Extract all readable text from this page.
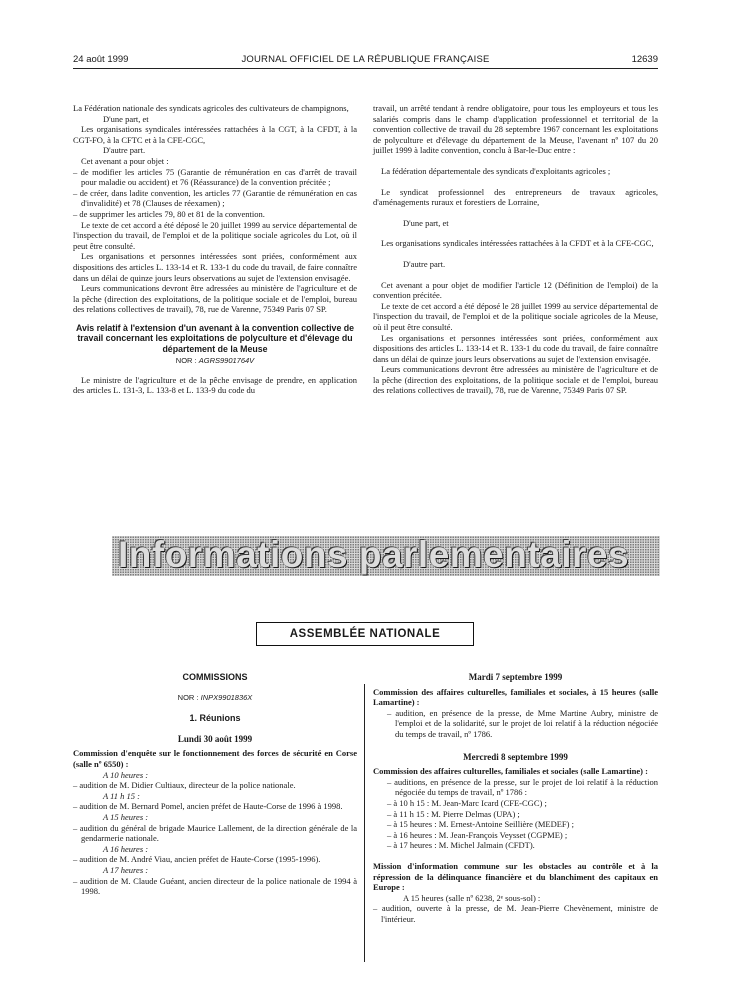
24 août 1999	JOURNAL OFFICIEL DE LA RÉPUBLIQUE FRANÇAISE	12639

La Fédération nationale des syndicats agricoles des cultivateurs de champignons,

D'une part, et

Les organisations syndicales intéressées rattachées à la CGT, à la CFDT, à la CGT-FO, à la CFTC et à la CFE-CGC,

D'autre part.

Cet avenant a pour objet :

– de modifier les articles 75 (Garantie de rémunération en cas d'arrêt de travail pour maladie ou accident) et 76 (Réassurance) de la convention précitée ;

– de créer, dans ladite convention, les articles 77 (Garantie de rémunération en cas d'invalidité) et 78 (Clauses de réexamen) ;

– de supprimer les articles 79, 80 et 81 de la convention.

Le texte de cet accord a été déposé le 20 juillet 1999 au service départemental de l'inspection du travail, de l'emploi et de la politique sociale agricoles du Lot, où il peut être consulté.

Les organisations et personnes intéressées sont priées, conformément aux dispositions des articles L. 133-14 et R. 133-1 du code du travail, de faire connaître dans un délai de quinze jours leurs observations au sujet de l'extension envisagée.

Leurs communications devront être adressées au ministère de l'agriculture et de la pêche (direction des exploitations, de la politique sociale et de l'emploi, bureau des relations collectives de travail), 78, rue de Varenne, 75349 Paris 07 SP.

Avis relatif à l'extension d'un avenant à la convention collective de travail concernant les exploitations de polyculture et d'élevage du département de la Meuse
NOR : AGRS9901764V

Le ministre de l'agriculture et de la pêche envisage de prendre, en application des articles L. 131-3, L. 133-8 et L. 133-9 du code du

travail, un arrêté tendant à rendre obligatoire, pour tous les employeurs et tous les salariés compris dans le champ d'application professionnel et territorial de la convention collective de travail du 28 septembre 1967 concernant les exploitations de polyculture et d'élevage du département de la Meuse, l'avenant nº 107 du 20 juillet 1999 à ladite convention, conclu à Bar-le-Duc entre :

La fédération départementale des syndicats d'exploitants agricoles ;

Le syndicat professionnel des entrepreneurs de travaux agricoles, d'aménagements ruraux et forestiers de Lorraine,

D'une part, et

Les organisations syndicales intéressées rattachées à la CFDT et à la CFE-CGC,

D'autre part.

Cet avenant a pour objet de modifier l'article 12 (Définition de l'emploi) de la convention précitée.

Le texte de cet accord a été déposé le 28 juillet 1999 au service départemental de l'inspection du travail, de l'emploi et de la politique sociale agricoles de la Meuse, où il peut être consulté.

Les organisations et personnes intéressées sont priées, conformément aux dispositions des articles L. 133-14 et R. 133-1 du code du travail, de faire connaître dans un délai de quinze jours leurs observations au sujet de l'extension envisagée.

Leurs communications devront être adressées au ministère de l'agriculture et de la pêche (direction des exploitations, de la politique sociale et de l'emploi, bureau des relations collectives de travail), 78, rue de Varenne, 75349 Paris 07 SP.

Informations parlementaires
ASSEMBLÉE NATIONALE
COMMISSIONS
NOR : INPX9901836X
1. Réunions
Lundi 30 août 1999

Commission d'enquête sur le fonctionnement des forces de sécurité en Corse (salle nº 6550) :

A 10 heures :

– audition de M. Didier Cultiaux, directeur de la police nationale.

A 11 h 15 :

– audition de M. Bernard Pomel, ancien préfet de Haute-Corse de 1996 à 1998.

A 15 heures :

– audition du général de brigade Maurice Lallement, de la direction générale de la gendarmerie nationale.

A 16 heures :

– audition de M. André Viau, ancien préfet de Haute-Corse (1995-1996).

A 17 heures :

– audition de M. Claude Guéant, ancien directeur de la police nationale de 1994 à 1998.

Mardi 7 septembre 1999

Commission des affaires culturelles, familiales et sociales, à 15 heures (salle Lamartine) :

– audition, en présence de la presse, de Mme Martine Aubry, ministre de l'emploi et de la solidarité, sur le projet de loi relatif à la réduction négociée du temps de travail, nº 1786.

Mercredi 8 septembre 1999

Commission des affaires culturelles, familiales et sociales (salle Lamartine) :

– auditions, en présence de la presse, sur le projet de loi relatif à la réduction négociée du temps de travail, nº 1786 :

– à 10 h 15 : M. Jean-Marc Icard (CFE-CGC) ;

– à 11 h 15 : M. Pierre Delmas (UPA) ;

– à 15 heures : M. Ernest-Antoine Seillière (MEDEF) ;

– à 16 heures : M. Jean-François Veysset (CGPME) ;

– à 17 heures : M. Michel Jalmain (CFDT).

Mission d'information commune sur les obstacles au contrôle et à la répression de la délinquance financière et du blanchiment des capitaux en Europe :

A 15 heures (salle nº 6238, 2ᵉ sous-sol) :

– audition, ouverte à la presse, de M. Jean-Pierre Chevènement, ministre de l'intérieur.
